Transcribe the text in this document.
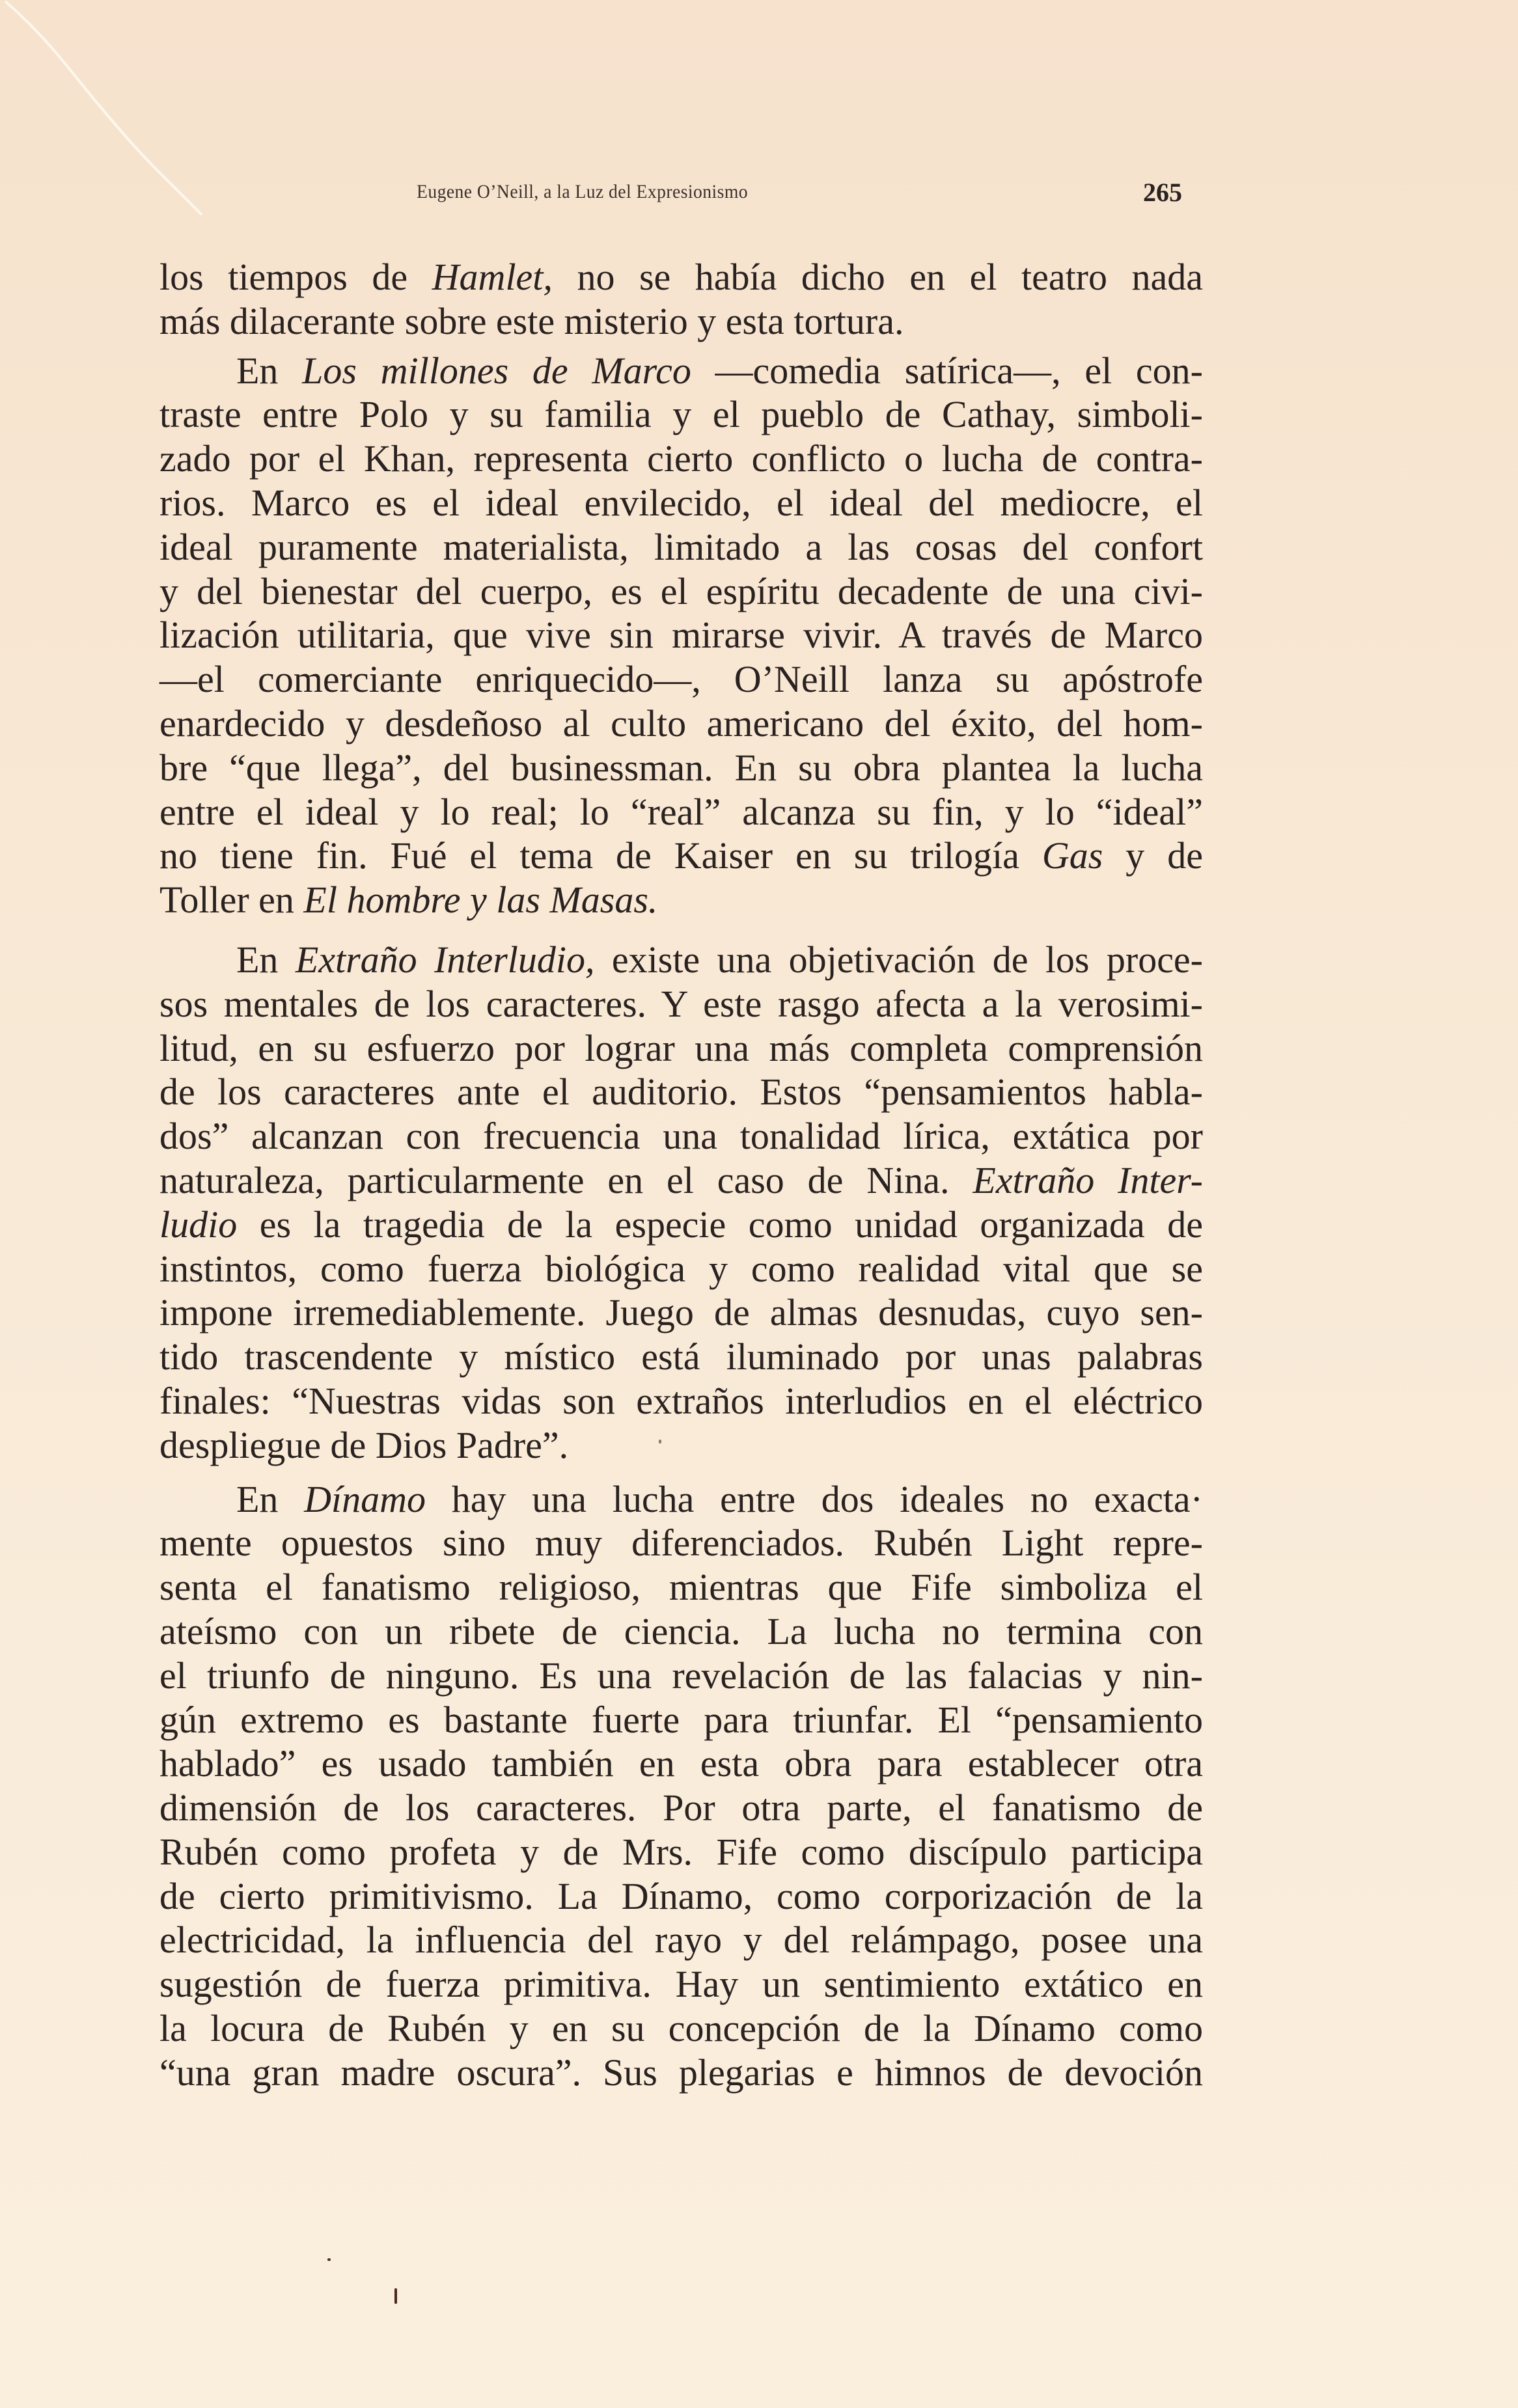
Eugene O’Neill, a la Luz del Expresionismo	265
los tiempos de Hamlet, no se había dicho en el teatro nada
más dilacerante sobre este misterio y esta tortura.
En Los millones de Marco —comedia satírica—, el con-
traste entre Polo y su familia y el pueblo de Cathay, simboli-
zado por el Khan, representa cierto conflicto o lucha de contra-
rios. Marco es el ideal envilecido, el ideal del mediocre, el
ideal puramente materialista, limitado a las cosas del confort
y del bienestar del cuerpo, es el espíritu decadente de una civi-
lización utilitaria, que vive sin mirarse vivir. A través de Marco
—el comerciante enriquecido—, O’Neill lanza su apóstrofe
enardecido y desdeñoso al culto americano del éxito, del hom-
bre “que llega”, del businessman. En su obra plantea la lucha
entre el ideal y lo real; lo “real” alcanza su fin, y lo “ideal”
no tiene fin. Fué el tema de Kaiser en su trilogía Gas y de
Toller en El hombre y las Masas.
En Extraño Interludio, existe una objetivación de los proce-
sos mentales de los caracteres. Y este rasgo afecta a la verosimi-
litud, en su esfuerzo por lograr una más completa comprensión
de los caracteres ante el auditorio. Estos “pensamientos habla-
dos” alcanzan con frecuencia una tonalidad lírica, extática por
naturaleza, particularmente en el caso de Nina. Extraño Inter-
ludio es la tragedia de la especie como unidad organizada de
instintos, como fuerza biológica y como realidad vital que se
impone irremediablemente. Juego de almas desnudas, cuyo sen-
tido trascendente y místico está iluminado por unas palabras
finales: “Nuestras vidas son extraños interludios en el eléctrico
despliegue de Dios Padre”.
En Dínamo hay una lucha entre dos ideales no exacta·
mente opuestos sino muy diferenciados. Rubén Light repre-
senta el fanatismo religioso, mientras que Fife simboliza el
ateísmo con un ribete de ciencia. La lucha no termina con
el triunfo de ninguno. Es una revelación de las falacias y nin-
gún extremo es bastante fuerte para triunfar. El “pensamiento
hablado” es usado también en esta obra para establecer otra
dimensión de los caracteres. Por otra parte, el fanatismo de
Rubén como profeta y de Mrs. Fife como discípulo participa
de cierto primitivismo. La Dínamo, como corporización de la
electricidad, la influencia del rayo y del relámpago, posee una
sugestión de fuerza primitiva. Hay un sentimiento extático en
la locura de Rubén y en su concepción de la Dínamo como
“una gran madre oscura”. Sus plegarias e himnos de devoción
